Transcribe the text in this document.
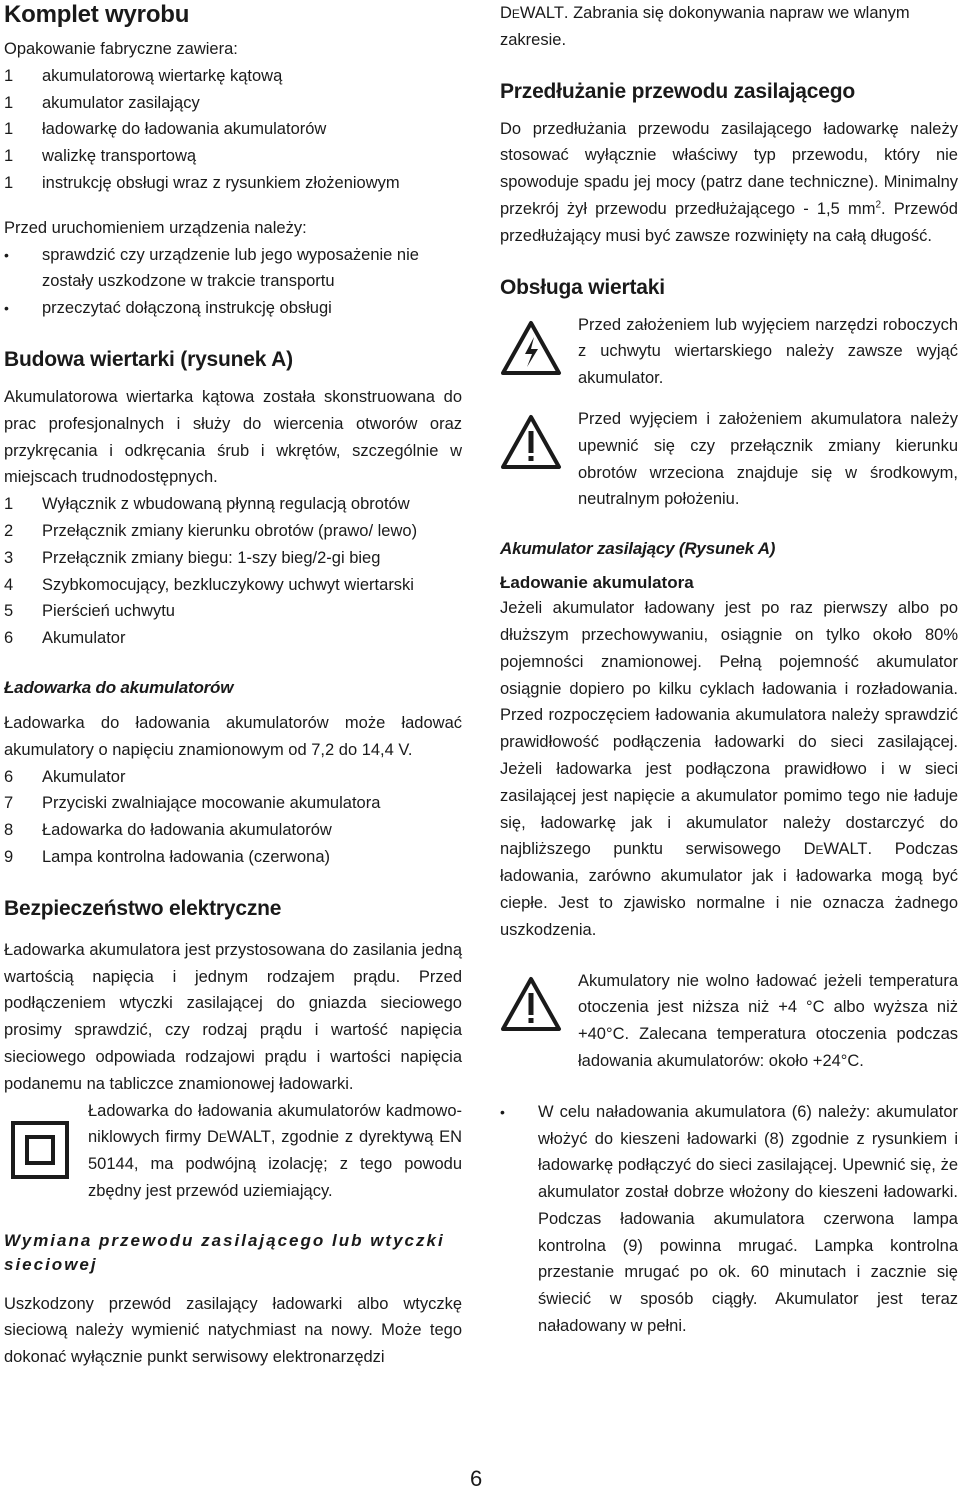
Komplet wyrobu

Opakowanie fabryczne zawiera:

1	akumulatorową wiertarkę kątową
1	akumulator zasilający
1	ładowarkę do ładowania akumulatorów
1	walizkę transportową
1	instrukcję obsługi wraz z rysunkiem złożeniowym

Przed uruchomieniem urządzenia należy:

•	sprawdzić czy urządzenie lub jego wyposażenie nie zostały uszkodzone w trakcie transportu
•	przeczytać dołączoną instrukcję obsługi
Budowa wiertarki (rysunek A)

Akumulatorowa wiertarka kątowa została skonstruowana do prac profesjonalnych i służy do wiercenia otworów oraz przykręcania i odkręcania śrub i wkrętów, szczególnie w miejscach trudnodostępnych.

1	Wyłącznik z wbudowaną płynną regulacją obrotów
2	Przełącznik zmiany kierunku obrotów (prawo/ lewo)
3	Przełącznik zmiany biegu: 1-szy bieg/2-gi bieg
4	Szybkomocujący, bezkluczykowy uchwyt wiertarski
5	Pierścień uchwytu
6	Akumulator
Ładowarka do akumulatorów

Ładowarka do ładowania akumulatorów może ładować akumulatory o napięciu znamionowym od 7,2 do 14,4 V.

6	Akumulator
7	Przyciski zwalniające mocowanie akumulatora
8	Ładowarka do ładowania akumulatorów
9	Lampa kontrolna ładowania (czerwona)
Bezpieczeństwo elektryczne

Ładowarka akumulatora jest przystosowana do zasilania jedną wartością napięcia i jednym rodzajem prądu. Przed podłączeniem wtyczki zasilającej do gniazda sieciowego prosimy sprawdzić, czy rodzaj prądu i wartość napięcia sieciowego odpowiada rodzajowi prądu i wartości napięcia podanemu na tabliczce znamionowej ładowarki.

Ładowarka do ładowania akumulatorów kadmowo-niklowych firmy DeWALT, zgodnie z dyrektywą EN 50144, ma podwójną izolację; z tego powodu zbędny jest przewód uziemiający.

Wymiana przewodu zasilającego lub wtyczki sieciowej

Uszkodzony przewód zasilający ładowarki albo wtyczkę sieciową należy wymienić natychmiast na nowy. Może tego dokonać wyłącznie punkt serwisowy elektronarzędzi

DeWALT. Zabrania się dokonywania napraw we wlanym zakresie.

Przedłużanie przewodu zasilającego

Do przedłużania przewodu zasilającego ładowarkę należy stosować wyłącznie właściwy typ przewodu, który nie spowoduje spadu jej mocy (patrz dane techniczne). Minimalny przekrój żył przewodu przedłużającego - 1,5 $mm^2$. Przewód przedłużający musi być zawsze rozwinięty na całą długość.

Obsługa wiertaki

Przed założeniem lub wyjęciem narzędzi roboczych z uchwytu wiertarskiego należy zawsze wyjąć akumulator.

Przed wyjęciem i założeniem akumulatora należy upewnić się czy przełącznik zmiany kierunku obrotów wrzeciona znajduje się w środkowym, neutralnym położeniu.

Akumulator zasilający (Rysunek A)
Ładowanie akumulatora

Jeżeli akumulator ładowany jest po raz pierwszy albo po dłuższym przechowywaniu, osiągnie on tylko około 80% pojemności znamionowej. Pełną pojemność akumulator osiągnie dopiero po kilku cyklach ładowania i rozładowania. Przed rozpoczęciem ładowania akumulatora należy sprawdzić prawidłowość podłączenia ładowarki do sieci zasilającej. Jeżeli ładowarka jest podłączona prawidłowo i w sieci zasilającej jest napięcie a akumulator pomimo tego nie ładuje się, ładowarkę jak i akumulator należy dostarczyć do najbliższego punktu serwisowego DeWALT. Podczas ładowania, zarówno akumulator jak i ładowarka mogą być ciepłe. Jest to zjawisko normalne i nie oznacza żadnego uszkodzenia.

Akumulatory nie wolno ładować jeżeli temperatura otoczenia jest niższa niż +4 °C albo wyższa niż +40°C. Zalecana temperatura otoczenia podczas ładowania akumulatorów: około +24°C.

•	W celu naładowania akumulatora (6) należy: akumulator włożyć do kieszeni ładowarki (8) zgodnie z rysunkiem i ładowarkę podłączyć do sieci zasilającej. Upewnić się, że akumulator został dobrze włożony do kieszeni ładowarki. Podczas ładowania akumulatora czerwona lampa kontrolna (9) powinna mrugać. Lampka kontrolna przestanie mrugać po ok. 60 minutach i zacznie się świecić w sposób ciągły. Akumulator jest teraz naładowany w pełni.
6
